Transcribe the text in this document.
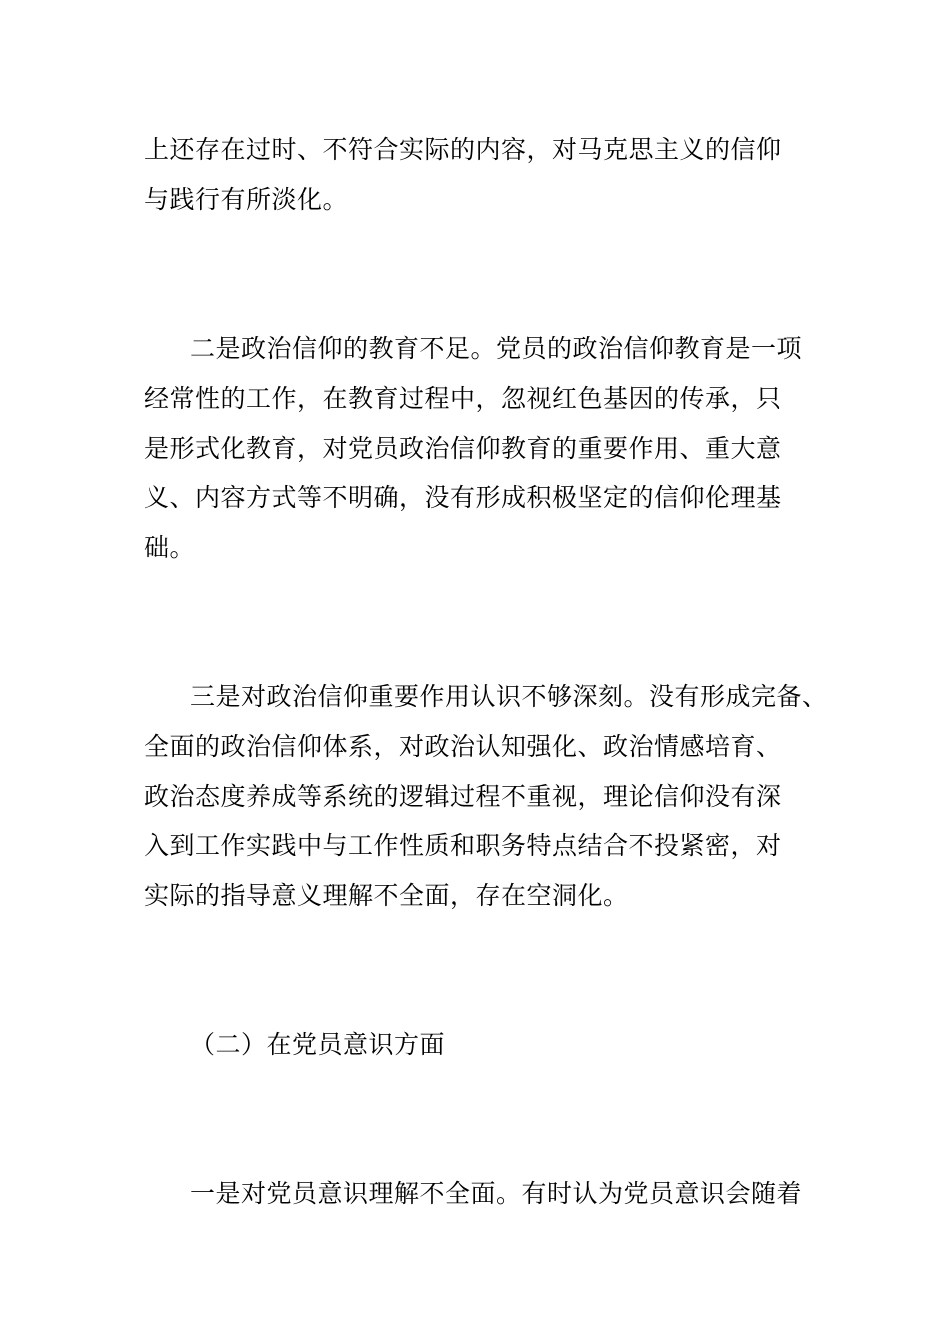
上还存在过时、不符合实际的内容，对马克思主义的信仰
与践行有所淡化。
二是政治信仰的教育不足。党员的政治信仰教育是一项
经常性的工作，在教育过程中，忽视红色基因的传承，只
是形式化教育，对党员政治信仰教育的重要作用、重大意
义、内容方式等不明确，没有形成积极坚定的信仰伦理基
础。
三是对政治信仰重要作用认识不够深刻。没有形成完备、
全面的政治信仰体系，对政治认知强化、政治情感培育、
政治态度养成等系统的逻辑过程不重视，理论信仰没有深
入到工作实践中与工作性质和职务特点结合不投紧密，对
实际的指导意义理解不全面，存在空洞化。
（二）在党员意识方面
一是对党员意识理解不全面。有时认为党员意识会随着
